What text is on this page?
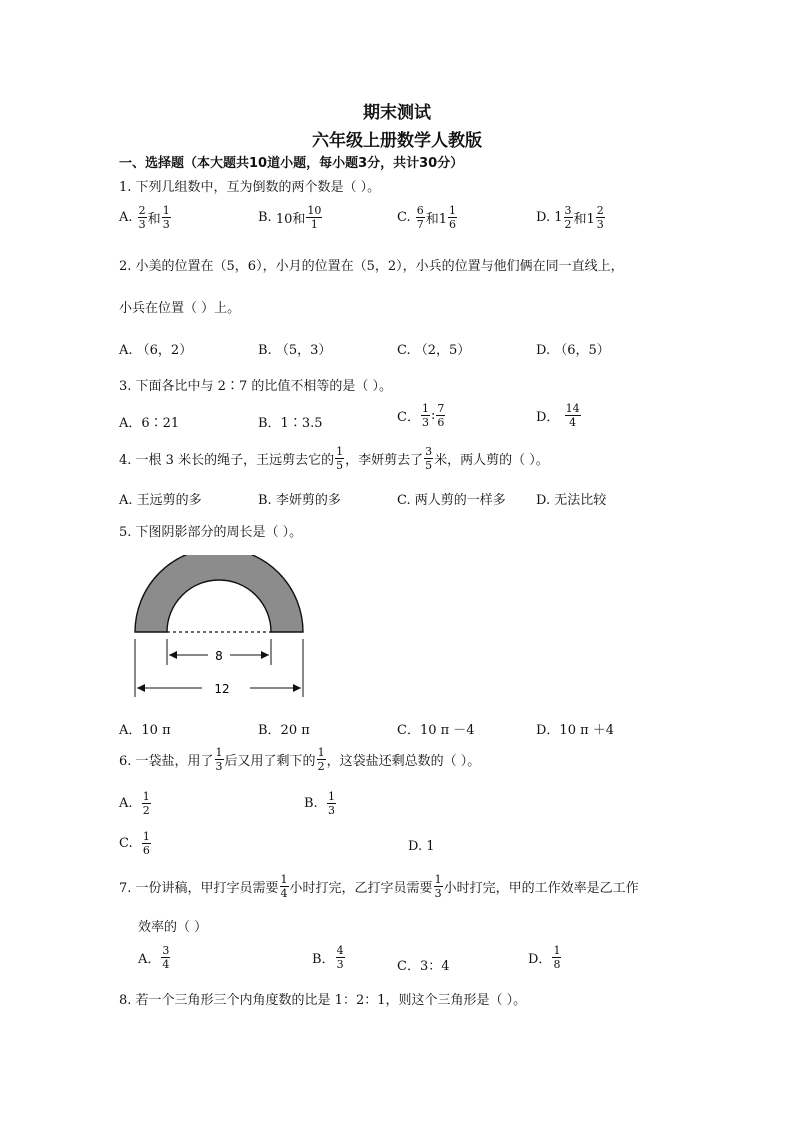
期末测试
六年级上册数学人教版
一、选择题（本大题共10道小题，每小题3分，共计30分）
1. 下列几组数中，互为倒数的两个数是（ ）。
A.
$\frac{2}{3}$ 和 $\frac{1}{3}$	B.
10和 $\frac{10}{1}$	C.
$\frac{6}{7}$ 和$1 \frac{1}{6}$	D.
$1 \frac{3}{2}$ 和$1 \frac{2}{3}$
2. 小美的位置在（5，6），小月的位置在（5，2），小兵的位置与他们俩在同一直线上，
小兵在位置（ ）上。
A. （6，2）	B. （5，3）	C. （2，5）	D. （6，5）
3. 下面各比中与 2∶7 的比值不相等的是（ ）。
A．6∶21	B．1∶3.5	C． $\frac{1}{3}$ : $\frac{7}{6}$	D．
$\frac{14}{4}$
4. 一根 3 米长的绳子，王远剪去它的 $\frac{1}{5}$ ，李妍剪去了 $\frac{3}{5}$ 米，两人剪的（ ）。
A. 王远剪的多	B. 李妍剪的多	C. 两人剪的一样多 D. 无法比较
5. 下图阴影部分的周长是（ ）。
8
12
A．10 π	B．20 π	C．10 π －4	D．10 π ＋4
6. 一袋盐，用了 $\frac{1}{3}$ 后又用了剩下的 $\frac{1}{2}$ ，这袋盐还剩总数的（ ）。
A.
$\frac{1}{2}$	B.
$\frac{1}{3}$
C.
$\frac{1}{6}$	D. 1
7. 一份讲稿，甲打字员需要 $\frac{1}{4}$ 小时打完，乙打字员需要 $\frac{1}{3}$ 小时打完，甲的工作效率是乙工作
效率的（ ）
A． $\frac{3}{4}$	B． $\frac{4}{3}$	C．3：4	D． $\frac{1}{8}$
8. 若一个三角形三个内角度数的比是 1：2：1，则这个三角形是（ ）。
